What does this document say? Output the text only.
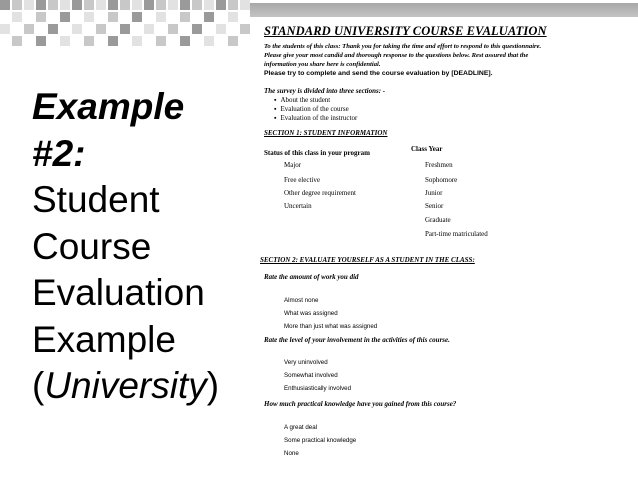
Example
#2:
Student
Course
Evaluation
Example
(University)
STANDARD UNIVERSITY COURSE EVALUATION
To the students of this class: Thank you for taking the time and effort to respond to this questionnaire.
Please give your most candid and thorough response to the questions below. Rest assured that the
information you share here is confidential.
Please try to complete and send the course evaluation by [DEADLINE].
The survey is divided into three sections: -
▪ About the student
▪ Evaluation of the course
▪ Evaluation of the instructor
SECTION 1: STUDENT INFORMATION
Status of this class in your program	Class Year
Major
Free elective
Other degree requirement
Uncertain
Freshmen
Sophomore
Junior
Senior
Graduate
Part-time matriculated
SECTION 2: EVALUATE YOURSELF AS A STUDENT IN THE CLASS:
Rate the amount of work you did
Almost none
What was assigned
More than just what was assigned
Rate the level of your involvement in the activities of this course.
Very uninvolved
Somewhat involved
Enthusiastically involved
How much practical knowledge have you gained from this course?
A great deal
Some practical knowledge
None
